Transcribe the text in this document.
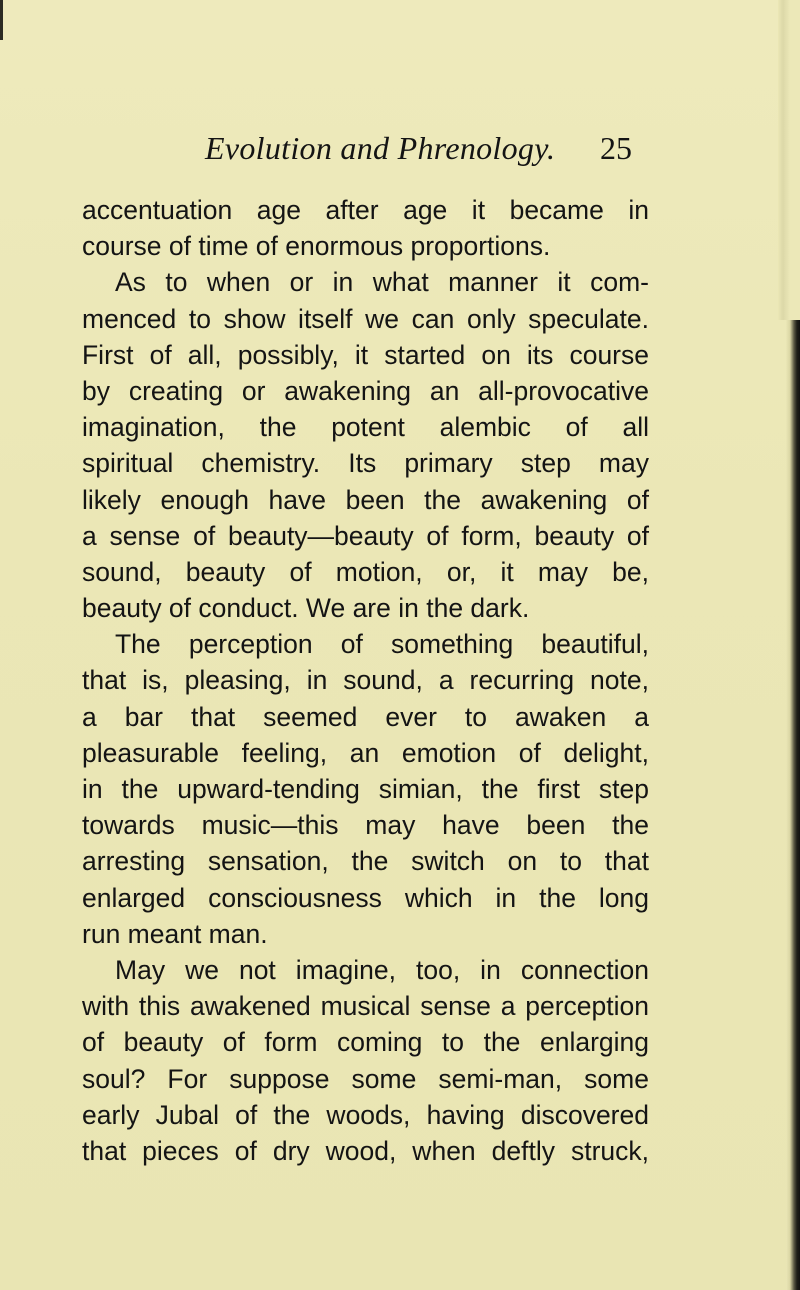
Evolution and Phrenology. 25
accentuation age after age it became in
course of time of enormous proportions.
As to when or in what manner it com-
menced to show itself we can only speculate.
First of all, possibly, it started on its course
by creating or awakening an all-provocative
imagination, the potent alembic of all
spiritual chemistry. Its primary step may
likely enough have been the awakening of
a sense of beauty—beauty of form, beauty of
sound, beauty of motion, or, it may be,
beauty of conduct. We are in the dark.
The perception of something beautiful,
that is, pleasing, in sound, a recurring note,
a bar that seemed ever to awaken a
pleasurable feeling, an emotion of delight,
in the upward-tending simian, the first step
towards music—this may have been the
arresting sensation, the switch on to that
enlarged consciousness which in the long
run meant man.
May we not imagine, too, in connection
with this awakened musical sense a perception
of beauty of form coming to the enlarging
soul? For suppose some semi-man, some
early Jubal of the woods, having discovered
that pieces of dry wood, when deftly struck,
